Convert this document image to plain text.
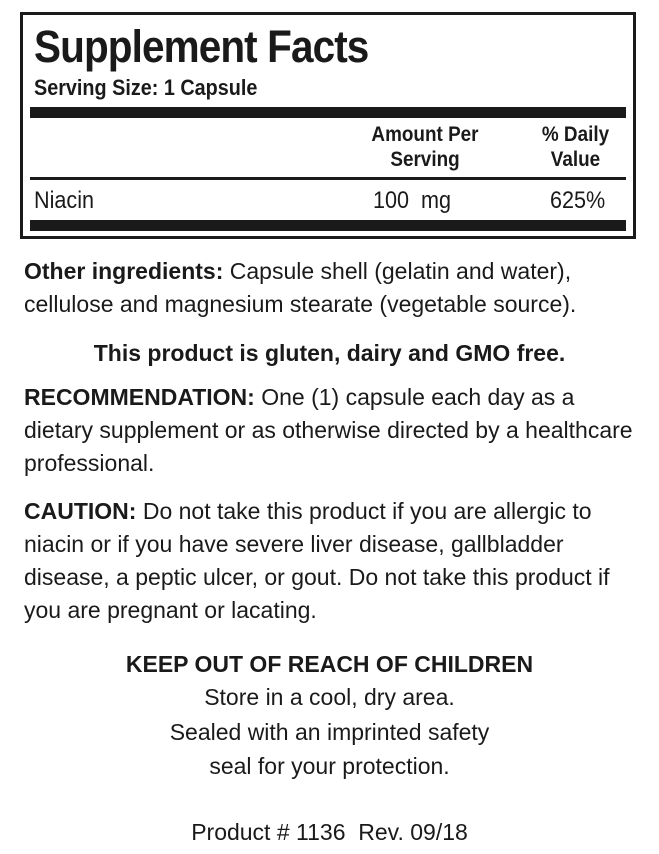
Supplement Facts
Serving Size: 1 Capsule
Amount Per
Serving
% Daily
Value
Niacin	100 mg	625%

Other ingredients: Capsule shell (gelatin and water), cellulose and magnesium stearate (vegetable source).

This product is gluten, dairy and GMO free.

RECOMMENDATION: One (1) capsule each day as a dietary supplement or as otherwise directed by a healthcare professional.

CAUTION: Do not take this product if you are allergic to niacin or if you have severe liver disease, gallbladder disease, a peptic ulcer, or gout. Do not take this product if you are pregnant or lacating.

KEEP OUT OF REACH OF CHILDREN
Store in a cool, dry area.
Sealed with an imprinted safety
seal for your protection.
Product # 1136  Rev. 09/18
